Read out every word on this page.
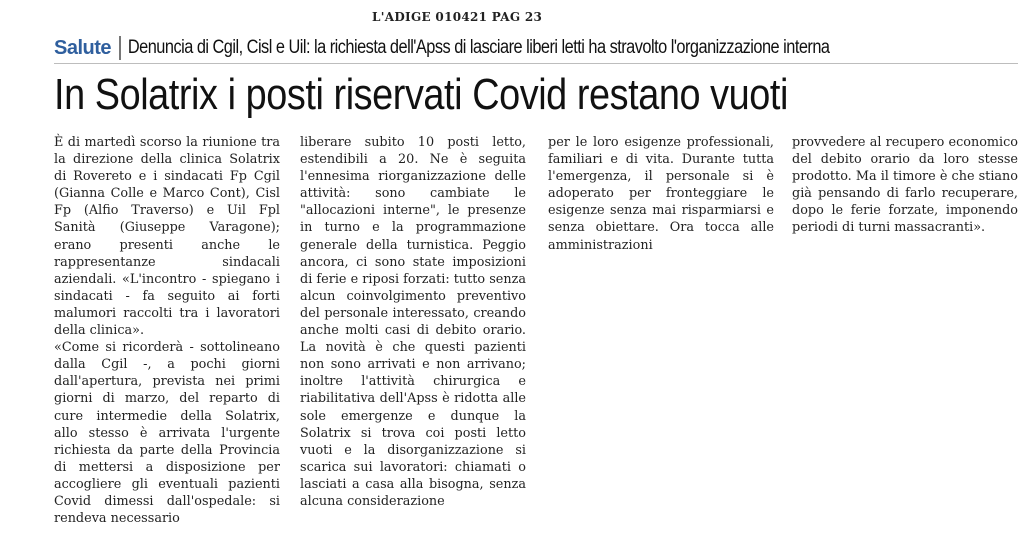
L'ADIGE 010421 PAG 23
Salute Denuncia di Cgil, Cisl e Uil: la richiesta dell'Apss di lasciare liberi letti ha stravolto l'organizzazione interna
In Solatrix i posti riservati Covid restano vuoti

È di martedì scorso la riunione tra la direzione della clinica Solatrix di Rovereto e i sindacati Fp Cgil (Gianna Colle e Marco Cont), Cisl Fp (Alfio Traverso) e Uil Fpl Sanità (Giuseppe Varagone); erano presenti anche le rappresentanze sindacali aziendali. «L'incontro - spiegano i sindacati - fa seguito ai forti malumori raccolti tra i lavoratori della clinica».

«Come si ricorderà - sottolineano dalla Cgil -, a pochi giorni dall'apertura, prevista nei primi giorni di marzo, del reparto di cure intermedie della Solatrix, allo stesso è arrivata l'urgente richiesta da parte della Provincia di mettersi a disposizione per accogliere gli eventuali pazienti Covid dimessi dall'ospedale: si rendeva necessario

liberare subito 10 posti letto, estendibili a 20. Ne è seguita l'ennesima riorganizzazione delle attività: sono cambiate le "allocazioni interne", le presenze in turno e la programmazione generale della turnistica. Peggio ancora, ci sono state imposizioni di ferie e riposi forzati: tutto senza alcun coinvolgimento preventivo del personale interessato, creando anche molti casi di debito orario. La novità è che questi pazienti non sono arrivati e non arrivano; inoltre l'attività chirurgica e riabilitativa dell'Apss è ridotta alle sole emergenze e dunque la Solatrix si trova coi posti letto vuoti e la disorganizzazione si scarica sui lavoratori: chiamati o lasciati a casa alla bisogna, senza alcuna considerazione

per le loro esigenze professionali, familiari e di vita. Durante tutta l'emergenza, il personale si è adoperato per fronteggiare le esigenze senza mai risparmiarsi e senza obiettare. Ora tocca alle amministrazioni

provvedere al recupero economico del debito orario da loro stesse prodotto. Ma il timore è che stiano già pensando di farlo recuperare, dopo le ferie forzate, imponendo periodi di turni massacranti».
